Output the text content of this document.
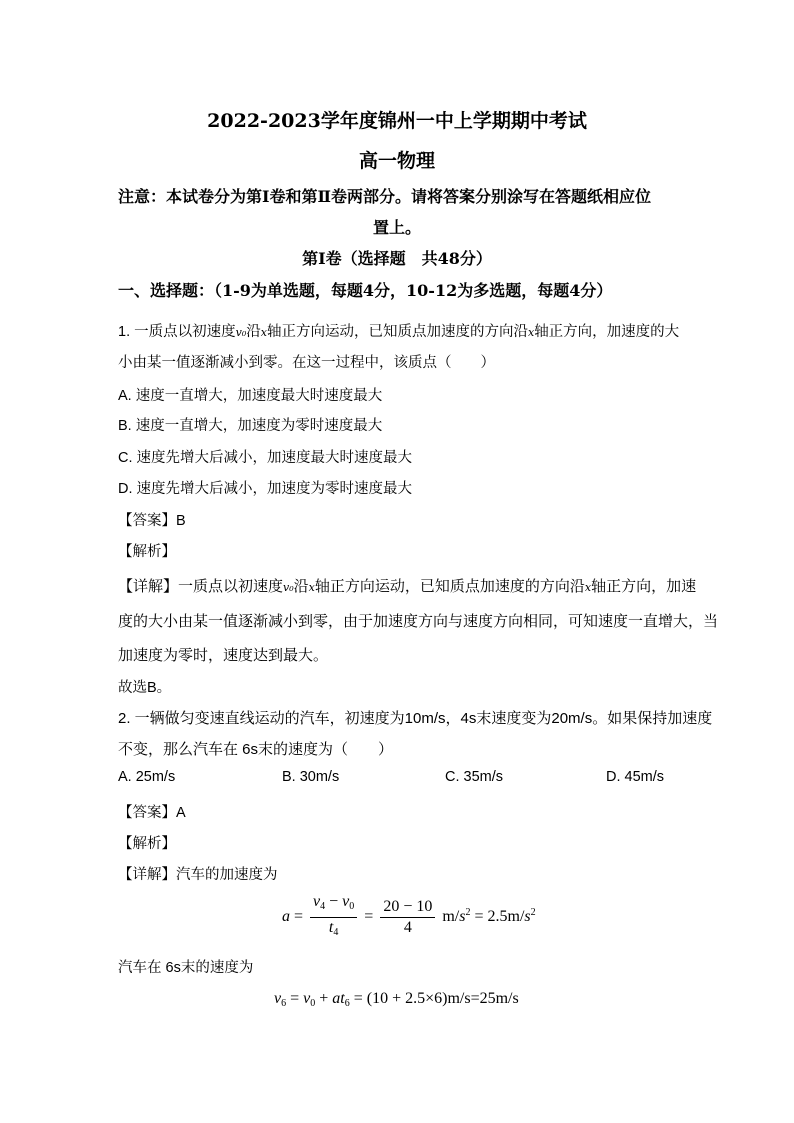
2022-2023学年度锦州一中上学期期中考试
高一物理
注意：本试卷分为第Ⅰ卷和第Ⅱ卷两部分。请将答案分别涂写在答题纸相应位
置上。
第Ⅰ卷（选择题　共48分）
一、选择题：（1-9为单选题，每题4分，10-12为多选题，每题4分）
1. 一质点以初速度v₀沿x轴正方向运动，已知质点加速度的方向沿x轴正方向，加速度的大
小由某一值逐渐减小到零。在这一过程中，该质点（　　）
A. 速度一直增大，加速度最大时速度最大
B. 速度一直增大，加速度为零时速度最大
C. 速度先增大后减小，加速度最大时速度最大
D. 速度先增大后减小，加速度为零时速度最大
【答案】B
【解析】
【详解】一质点以初速度v₀沿x轴正方向运动，已知质点加速度的方向沿x轴正方向，加速
度的大小由某一值逐渐减小到零，由于加速度方向与速度方向相同，可知速度一直增大，当
加速度为零时，速度达到最大。
故选B。
2. 一辆做匀变速直线运动的汽车，初速度为10m/s，4s末速度变为20m/s。如果保持加速度
不变，那么汽车在 6s末的速度为（　　）
A. 25m/s	B. 30m/s	C. 35m/s	D. 45m/s
【答案】A
【解析】
【详解】汽车的加速度为
$a = \frac{v_4 - v_0}{t_4} = \frac{20 - 10}{4} m/s^2 = 2.5m/s^2$
汽车在 6s末的速度为
$v_6 = v_0 + at_6 = (10 + 2.5\times 6)m/s=25m/s$
